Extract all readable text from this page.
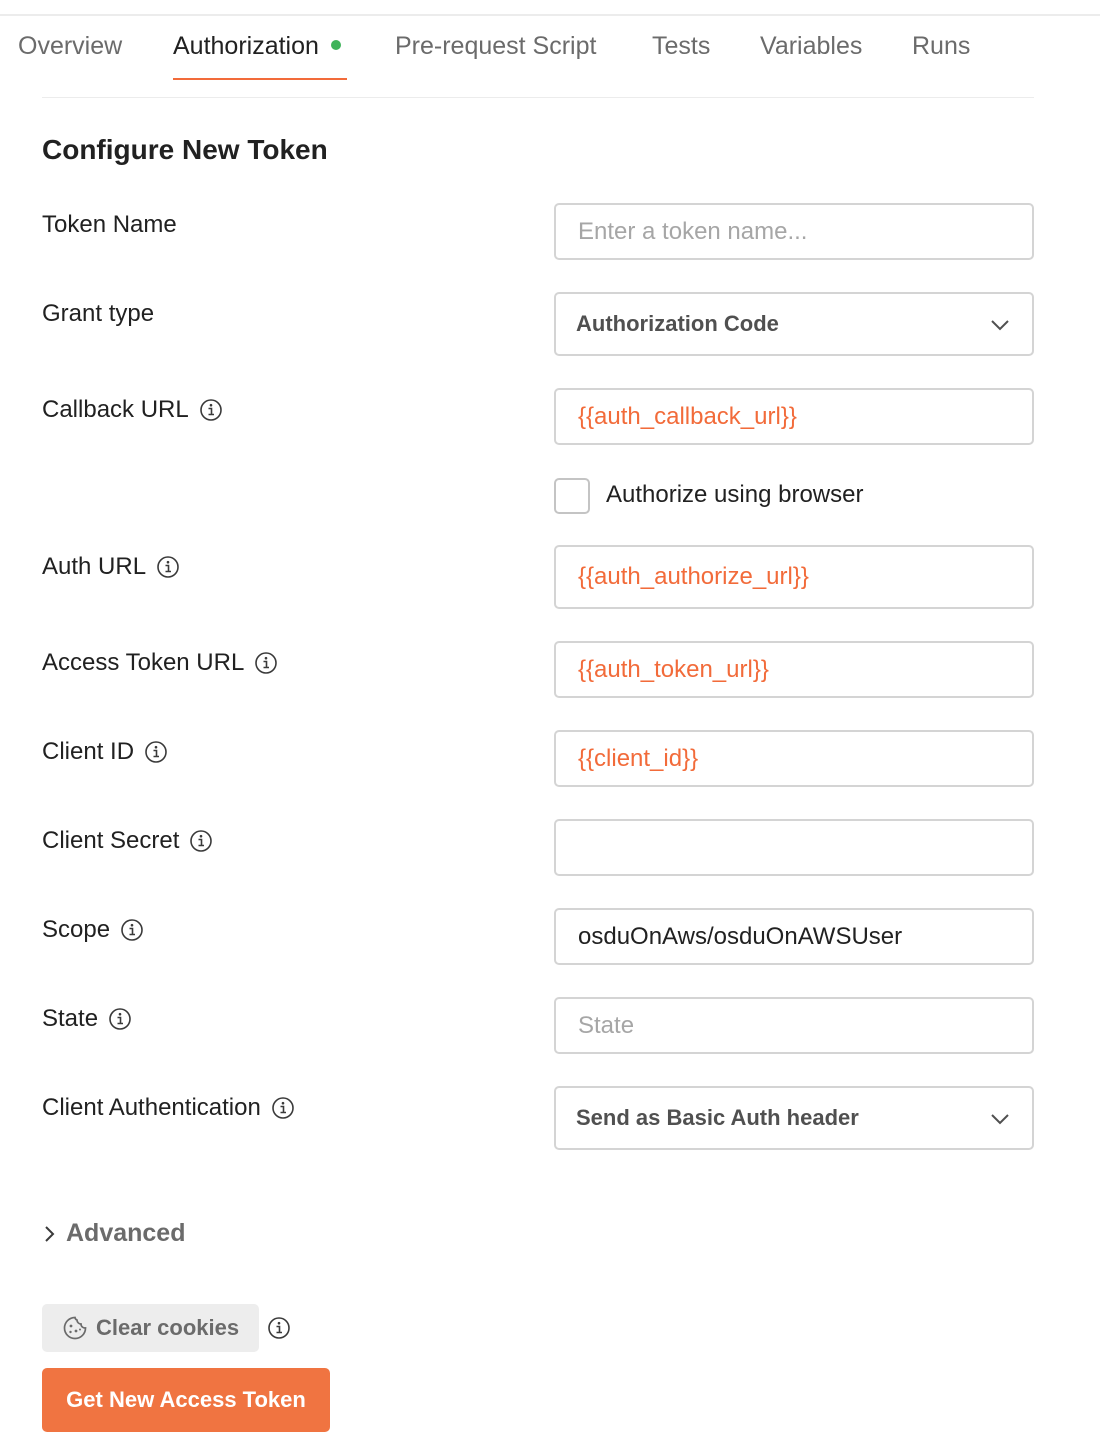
Overview Authorization	Pre-request Script Tests Variables Runs
Configure New Token
Token Name	Enter a token name...
Grant type	Authorization Code
Callback URL	{{auth_callback_url}}
Authorize using browser
Auth URL	{{auth_authorize_url}}
Access Token URL	{{auth_token_url}}
Client ID	{{client_id}}
Client Secret
Scope	osduOnAws/osduOnAWSUser
State	State
Client Authentication	Send as Basic Auth header
Advanced
Clear cookies
Get New Access Token
